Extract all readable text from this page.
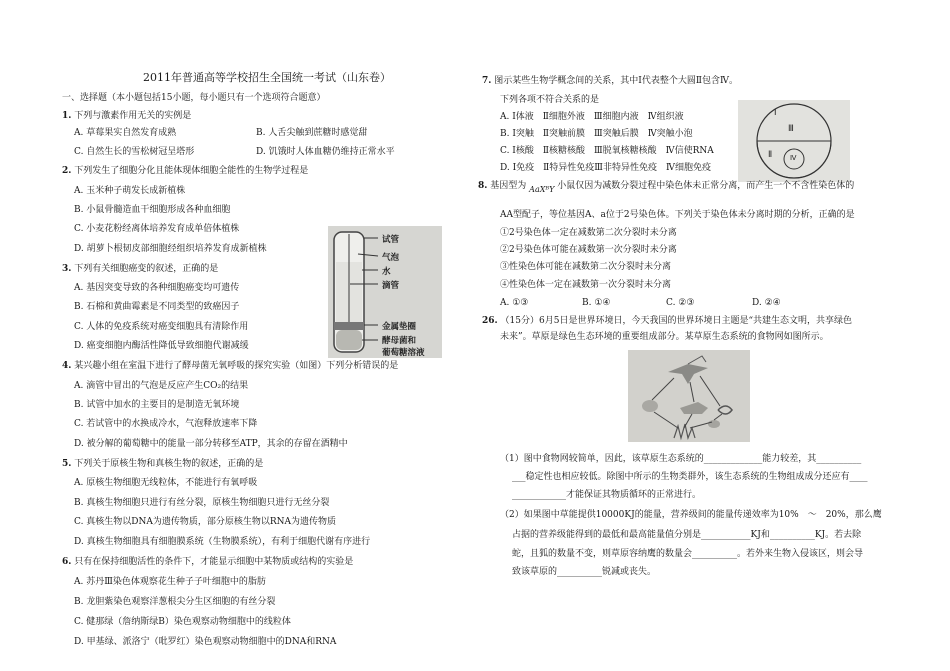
2011年普通高等学校招生全国统一考试（山东卷）
一、选择题（本小题包括15小题，每小题只有一个选项符合题意）
1. 下列与激素作用无关的实例是
A. 草莓果实自然发育成熟
C. 自然生长的雪松树冠呈塔形
2. 下列发生了细胞分化且能体现体细胞全能性的生物学过程是
A. 玉米种子萌发长成新植株
B. 小鼠骨髓造血干细胞形成各种血细胞
C. 小麦花粉经离体培养发育成单倍体植株
D. 胡萝卜根韧皮部细胞经组织培养发育成新植株
3. 下列有关细胞癌变的叙述，正确的是
A. 基因突变导致的各种细胞癌变均可遗传
B. 石棉和黄曲霉素是不同类型的致癌因子
C. 人体的免疫系统对癌变细胞具有清除作用
D. 癌变细胞内酶活性降低导致细胞代谢减缓
4. 某兴趣小组在室温下进行了酵母菌无氧呼吸的探究实验（如图）下列分析错误的是
A. 滴管中冒出的气泡是反应产生CO₂的结果
B. 试管中加水的主要目的是制造无氧环境
C. 若试管中的水换成冷水，气泡释放速率下降
D. 被分解的葡萄糖中的能量一部分转移至ATP，其余的存留在酒精中
5. 下列关于原核生物和真核生物的叙述，正确的是
A. 原核生物细胞无线粒体，不能进行有氧呼吸
B. 真核生物细胞只进行有丝分裂，原核生物细胞只进行无丝分裂
C. 真核生物以DNA为遗传物质，部分原核生物以RNA为遗传物质
D. 真核生物细胞具有细胞膜系统（生物膜系统），有利于细胞代谢有序进行
6. 只有在保持细胞活性的条件下，才能显示细胞中某物质或结构的实验是
A. 苏丹Ⅲ染色体观察花生种子子叶细胞中的脂肪
B. 龙胆紫染色观察洋葱根尖分生区细胞的有丝分裂
C. 健那绿（詹纳斯绿B）染色观察动物细胞中的线粒体
D. 甲基绿、派洛宁（吡罗红）染色观察动物细胞中的DNA和RNA
B. 人舌尖触到蔗糖时感觉甜
D. 饥饿时人体血糖仍维持正常水平
试管
气泡
水
滴管
金属垫圈
酵母菌和
葡萄糖溶液
7. 图示某些生物学概念间的关系，其中Ⅰ代表整个大圆Ⅱ包含Ⅳ。
下列各项不符合关系的是
A. Ⅰ体液　Ⅱ细胞外液　Ⅲ细胞内液　Ⅳ组织液
B. Ⅰ突触　Ⅱ突触前膜　Ⅲ突触后膜　Ⅳ突触小泡
C. Ⅰ核酸　Ⅱ核糖核酸　Ⅲ脱氧核糖核酸　Ⅳ信使RNA
D. Ⅰ免疫　Ⅱ特异性免疫Ⅲ非特异性免疫　Ⅳ细胞免疫
Ⅰ
Ⅱ
Ⅲ
Ⅳ
8. 基因型为 AaXᴮY 小鼠仅因为减数分裂过程中染色体未正常分离，而产生一个不含性染色体的
AA型配子，等位基因A、a位于2号染色体。下列关于染色体未分离时期的分析，正确的是
①2号染色体一定在减数第二次分裂时未分离
②2号染色体可能在减数第一次分裂时未分离
③性染色体可能在减数第二次分裂时未分离
④性染色体一定在减数第一次分裂时未分离
A. ①③	B. ①④	C. ②③	D. ②④
26. （15分）6月5日是世界环境日，今天我国的世界环境日主题是“共建生态文明，共享绿色
未来”。草原是绿色生态环境的重要组成部分。某草原生态系统的食物网如图所示。
（1）图中食物网较简单，因此，该草原生态系统的_____________能力较差，其__________
___稳定性也相应较低。除图中所示的生物类群外，该生态系统的生物组成成分还应有____
____________才能保证其物质循环的正常进行。
（2）如果图中草能提供10000KJ的能量，营养级间的能量传递效率为10%　～　20%，那么鹰
占据的营养级能得到的最低和最高能量值分别是___________KJ和__________KJ。若去除
蛇，且狐的数量不变，则草原容纳鹰的数量会__________。若外来生物入侵该区，则会导
致该草原的__________锐减或丧失。
